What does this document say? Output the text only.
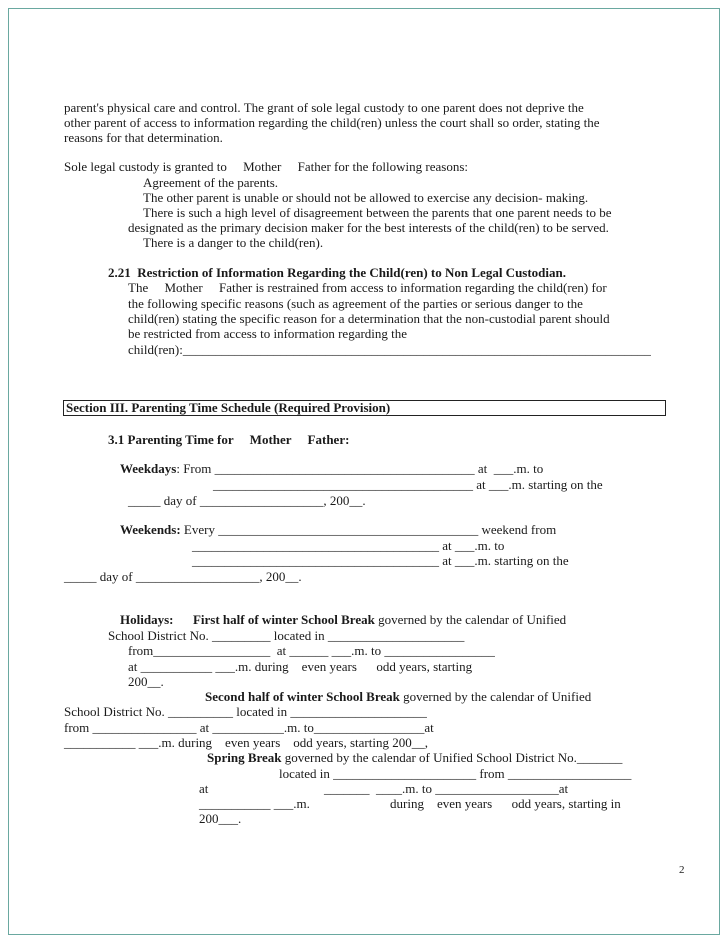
parent's physical care and control. The grant of sole legal custody to one parent does not deprive the
other parent of access to information regarding the child(ren) unless the court shall so order, stating the
reasons for that determination.
Sole legal custody is granted to     Mother     Father for the following reasons:
Agreement of the parents.
The other parent is unable or should not be allowed to exercise any decision- making.
There is such a high level of disagreement between the parents that one parent needs to be
designated as the primary decision maker for the best interests of the child(ren) to be served.
There is a danger to the child(ren).
2.21  Restriction of Information Regarding the Child(ren) to Non Legal Custodian.
The     Mother     Father is restrained from access to information regarding the child(ren) for
the following specific reasons (such as agreement of the parties or serious danger to the
child(ren) stating the specific reason for a determination that the non-custodial parent should
be restricted from access to information regarding the
child(ren):________________________________________________________________________
Section III. Parenting Time Schedule (Required Provision)
3.1 Parenting Time for     Mother     Father:
Weekdays: From ________________________________________ at  ___.m. to
________________________________________ at ___.m. starting on the
_____ day of ___________________, 200__.
Weekends: Every ________________________________________ weekend from
______________________________________ at ___.m. to
______________________________________ at ___.m. starting on the
_____ day of ___________________, 200__.
Holidays: First half of winter School Break governed by the calendar of Unified
School District No. _________ located in _____________________
from__________________  at ______ ___.m. to _________________
at ___________ ___.m. during    even years      odd years, starting
200__.
Second half of winter School Break governed by the calendar of Unified
School District No. __________ located in _____________________
from ________________ at ___________.m. to_________________at
___________ ___.m. during    even years    odd years, starting 200__,
Spring Break governed by the calendar of Unified School District No._______
located in ______________________ from ___________________
at	_______  ____.m. to ___________________at
___________ ___.m.	during    even years      odd years, starting in
200___.
2
